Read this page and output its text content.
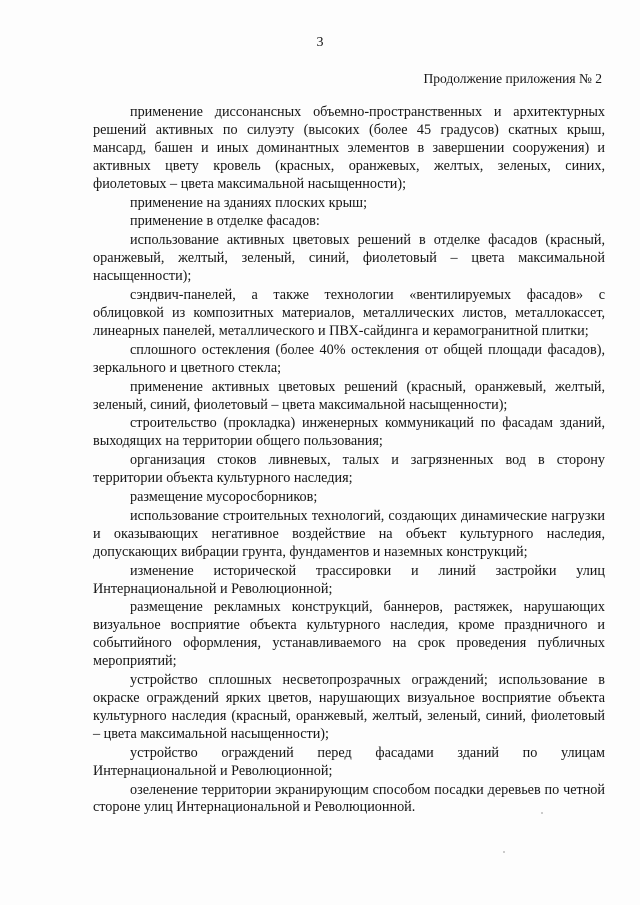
3
Продолжение приложения № 2

применение диссонансных объемно-пространственных и архитектурных решений активных по силуэту (высоких (более 45 градусов) скатных крыш, мансард, башен и иных доминантных элементов в завершении сооружения) и активных цвету кровель (красных, оранжевых, желтых, зеленых, синих, фиолетовых – цвета максимальной насыщенности);

применение на зданиях плоских крыш;

применение в отделке фасадов:

использование активных цветовых решений в отделке фасадов (красный, оранжевый, желтый, зеленый, синий, фиолетовый – цвета максимальной насыщенности);

сэндвич-панелей, а также технологии «вентилируемых фасадов» с облицовкой из композитных материалов, металлических листов, металлокассет, линеарных панелей, металлического и ПВХ-сайдинга и керамогранитной плитки;

сплошного остекления (более 40% остекления от общей площади фасадов), зеркального и цветного стекла;

применение активных цветовых решений (красный, оранжевый, желтый, зеленый, синий, фиолетовый – цвета максимальной насыщенности);

строительство (прокладка) инженерных коммуникаций по фасадам зданий, выходящих на территории общего пользования;

организация стоков ливневых, талых и загрязненных вод в сторону территории объекта культурного наследия;

размещение мусоросборников;

использование строительных технологий, создающих динамические нагрузки и оказывающих негативное воздействие на объект культурного наследия, допускающих вибрации грунта, фундаментов и наземных конструкций;

изменение исторической трассировки и линий застройки улиц Интернациональной и Революционной;

размещение рекламных конструкций, баннеров, растяжек, нарушающих визуальное восприятие объекта культурного наследия, кроме праздничного и событийного оформления, устанавливаемого на срок проведения публичных мероприятий;

устройство сплошных несветопрозрачных ограждений; использование в окраске ограждений ярких цветов, нарушающих визуальное восприятие объекта культурного наследия (красный, оранжевый, желтый, зеленый, синий, фиолетовый – цвета максимальной насыщенности);

устройство ограждений перед фасадами зданий по улицам Интернациональной и Революционной;

озеленение территории экранирующим способом посадки деревьев по четной стороне улиц Интернациональной и Революционной.
